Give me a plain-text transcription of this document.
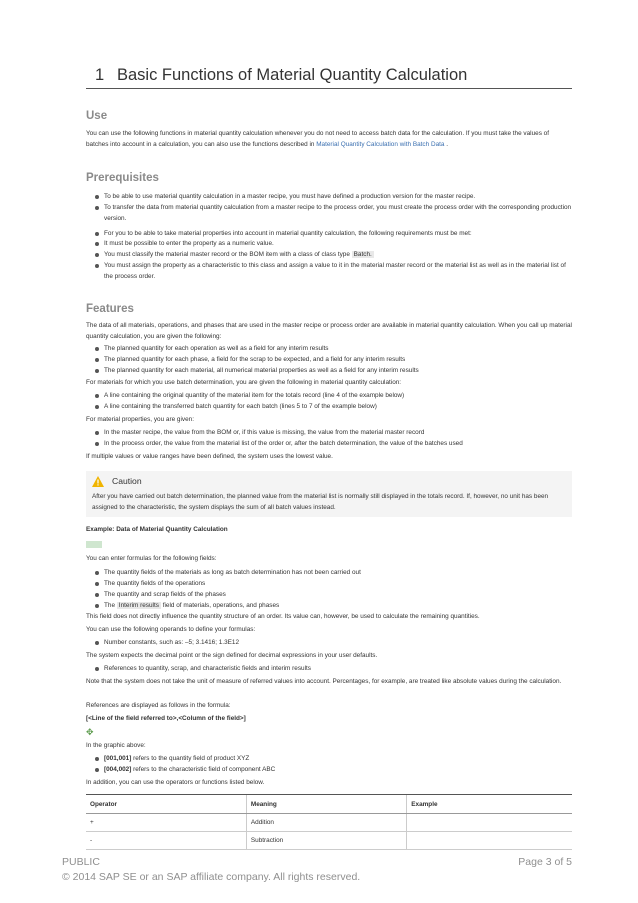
1 Basic Functions of Material Quantity Calculation
Use
You can use the following functions in material quantity calculation whenever you do not need to access batch data for the calculation. If you must take the values of batches into account in a calculation, you can also use the functions described in Material Quantity Calculation with Batch Data .
Prerequisites
To be able to use material quantity calculation in a master recipe, you must have defined a production version for the master recipe.
To transfer the data from material quantity calculation from a master recipe to the process order, you must create the process order with the corresponding production version.
For you to be able to take material properties into account in material quantity calculation, the following requirements must be met:
It must be possible to enter the property as a numeric value.
You must classify the material master record or the BOM item with a class of class type Batch.
You must assign the property as a characteristic to this class and assign a value to it in the material master record or the material list as well as in the material list of the process order.
Features
The data of all materials, operations, and phases that are used in the master recipe or process order are available in material quantity calculation. When you call up material quantity calculation, you are given the following:
The planned quantity for each operation as well as a field for any interim results
The planned quantity for each phase, a field for the scrap to be expected, and a field for any interim results
The planned quantity for each material, all numerical material properties as well as a field for any interim results
For materials for which you use batch determination, you are given the following in material quantity calculation:
A line containing the original quantity of the material item for the totals record (line 4 of the example below)
A line containing the transferred batch quantity for each batch (lines 5 to 7 of the example below)
For material properties, you are given:
In the master recipe, the value from the BOM or, if this value is missing, the value from the material master record
In the process order, the value from the material list of the order or, after the batch determination, the value of the batches used
If multiple values or value ranges have been defined, the system uses the lowest value.
Caution
After you have carried out batch determination, the planned value from the material list is normally still displayed in the totals record. If, however, no unit has been assigned to the characteristic, the system displays the sum of all batch values instead.
Example: Data of Material Quantity Calculation
You can enter formulas for the following fields:
The quantity fields of the materials as long as batch determination has not been carried out
The quantity fields of the operations
The quantity and scrap fields of the phases
The Interim results field of materials, operations, and phases
This field does not directly influence the quantity structure of an order. Its value can, however, be used to calculate the remaining quantities.
You can use the following operands to define your formulas:
Number constants, such as: –5; 3.1416; 1.3E12
The system expects the decimal point or the sign defined for decimal expressions in your user defaults.
References to quantity, scrap, and characteristic fields and interim results
Note that the system does not take the unit of measure of referred values into account. Percentages, for example, are treated like absolute values during the calculation.
References are displayed as follows in the formula:
[<Line of the field referred to>,<Column of the field>]
✥
In the graphic above:
[001,001] refers to the quantity field of product XYZ
[004,002] refers to the characteristic field of component ABC
In addition, you can use the operators or functions listed below.
Operator	Meaning	Example
+	Addition	
-	Subtraction	
PUBLIC	Page 3 of 5
© 2014 SAP SE or an SAP affiliate company. All rights reserved.
